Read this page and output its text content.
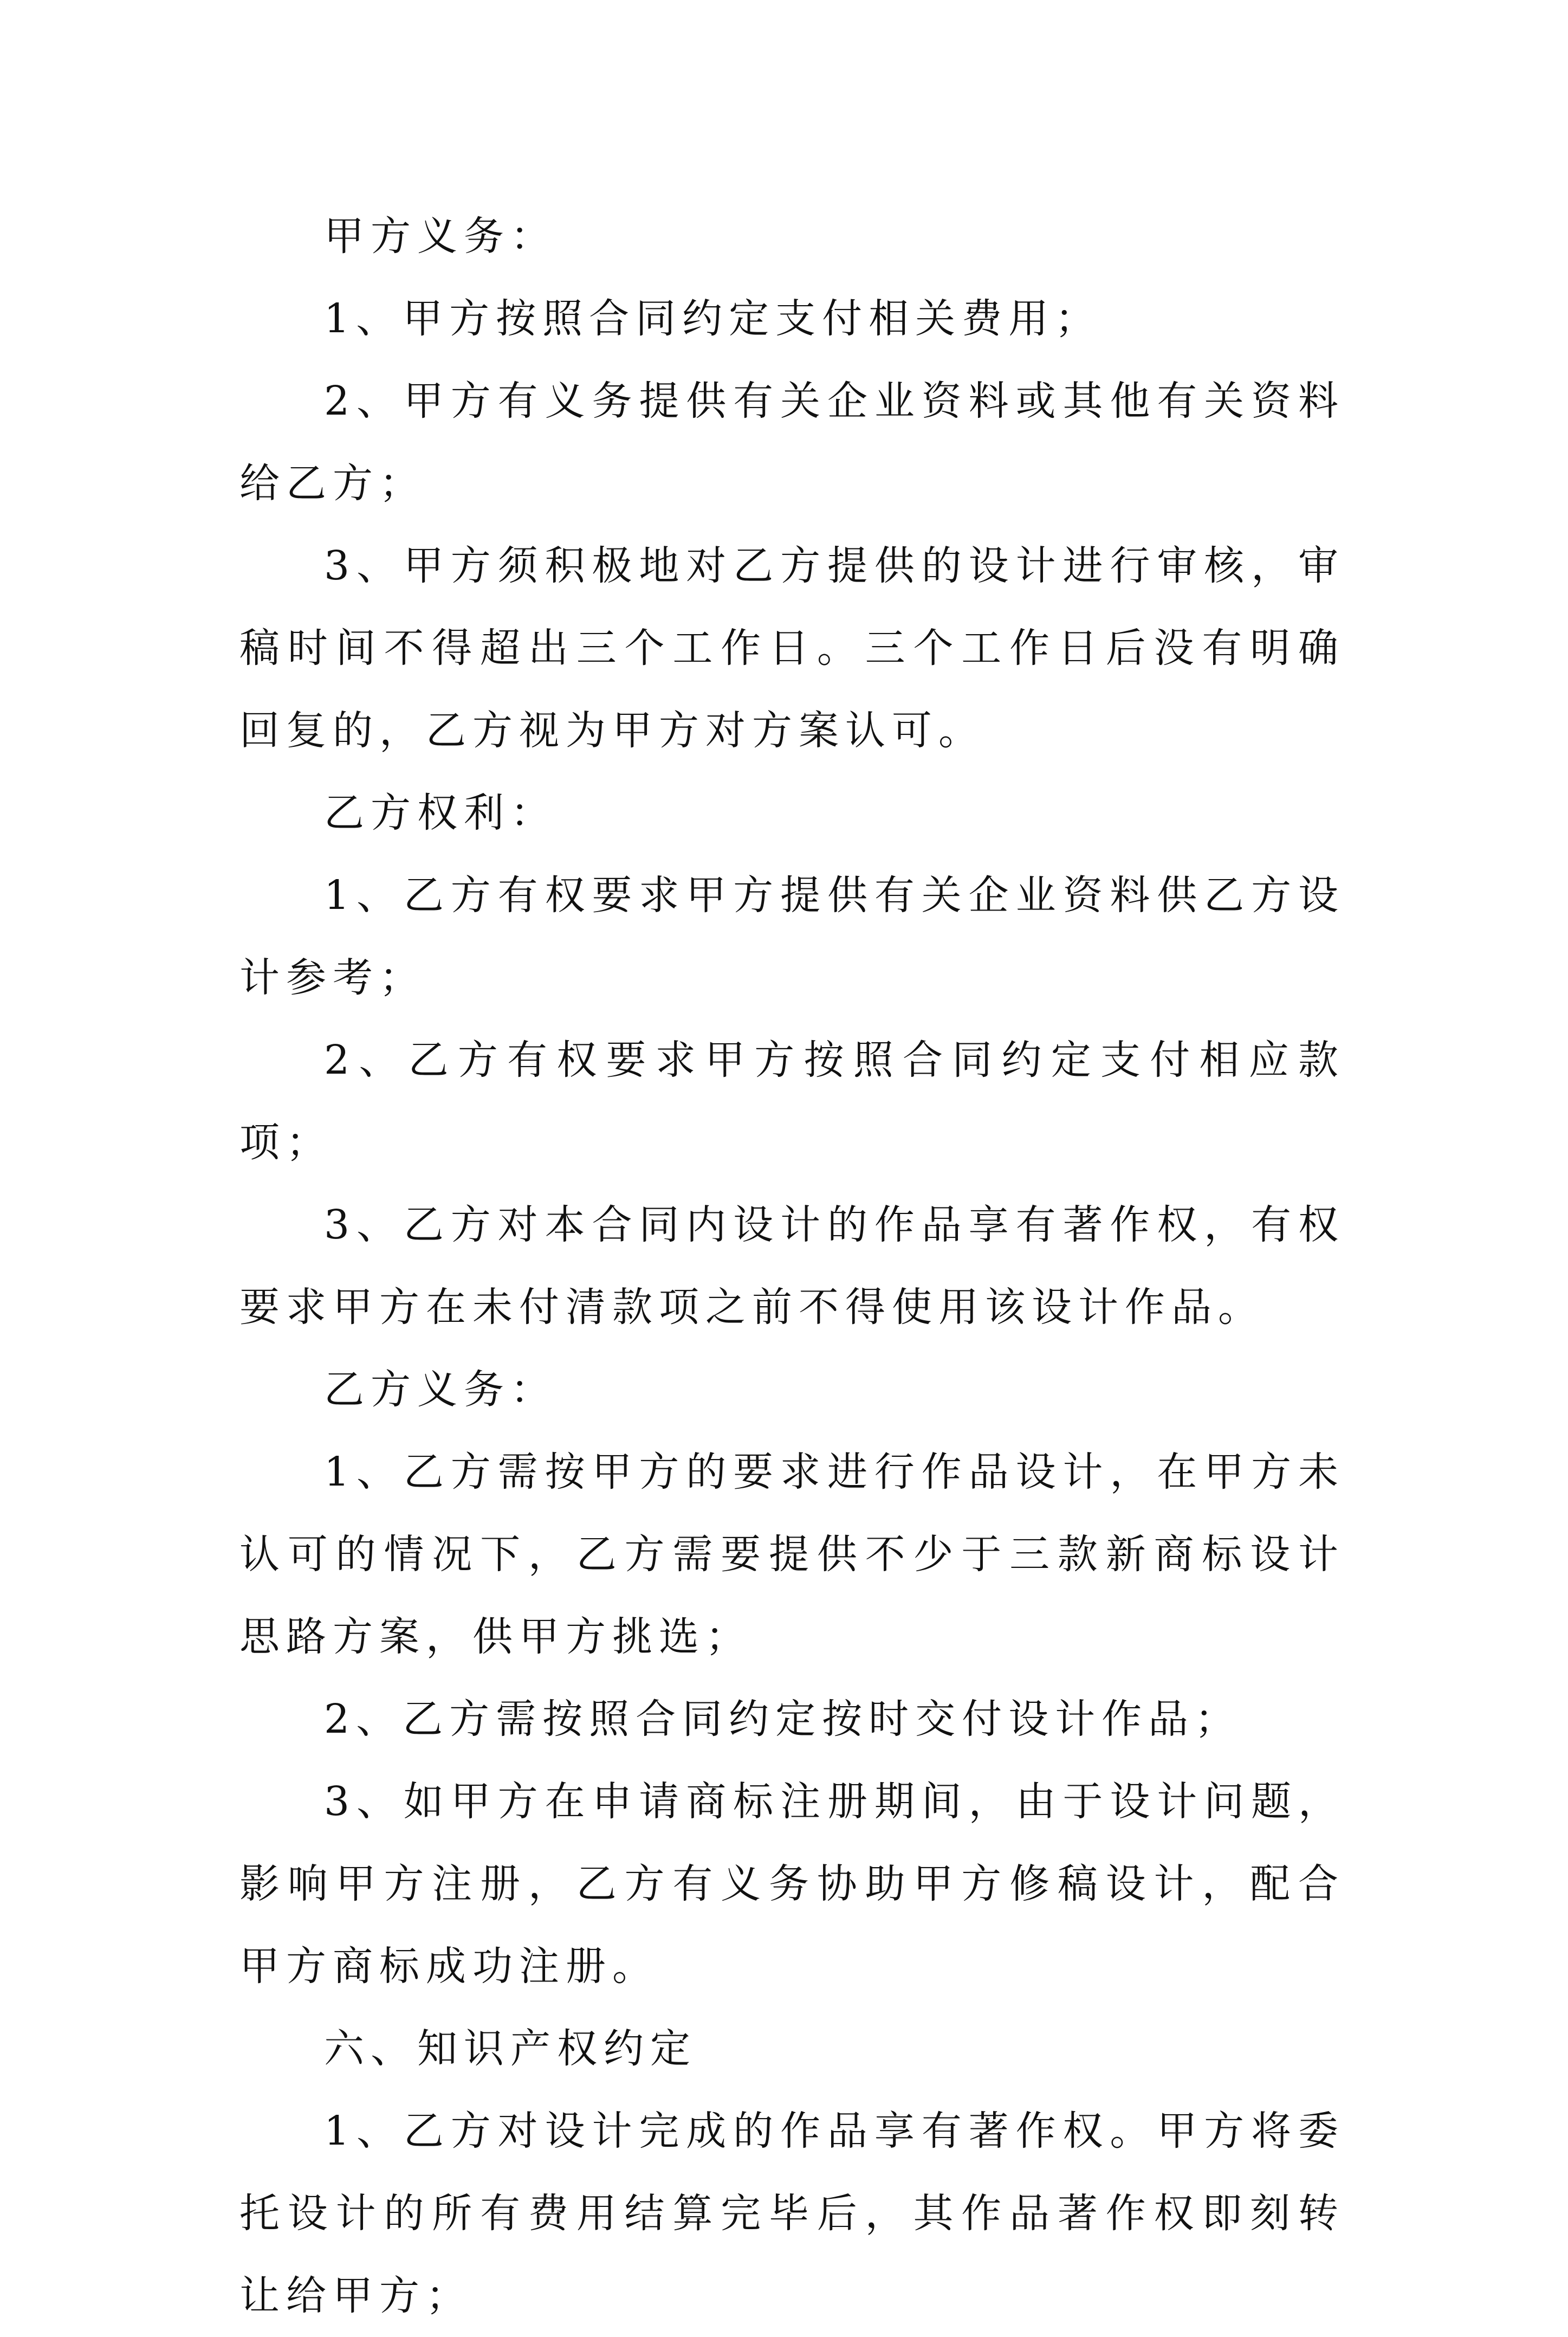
甲方义务：

1、甲方按照合同约定支付相关费用；

2、甲方有义务提供有关企业资料或其他有关资料给乙方；

3、甲方须积极地对乙方提供的设计进行审核，审稿时间不得超出三个工作日。三个工作日后没有明确回复的，乙方视为甲方对方案认可。

乙方权利：

1、乙方有权要求甲方提供有关企业资料供乙方设计参考；

2、乙方有权要求甲方按照合同约定支付相应款项；

3、乙方对本合同内设计的作品享有著作权，有权要求甲方在未付清款项之前不得使用该设计作品。

乙方义务：

1、乙方需按甲方的要求进行作品设计，在甲方未认可的情况下，乙方需要提供不少于三款新商标设计思路方案，供甲方挑选；

2、乙方需按照合同约定按时交付设计作品；

3、如甲方在申请商标注册期间，由于设计问题，影响甲方注册，乙方有义务协助甲方修稿设计，配合甲方商标成功注册。

六、知识产权约定

1、乙方对设计完成的作品享有著作权。甲方将委托设计的所有费用结算完毕后，其作品著作权即刻转让给甲方；
